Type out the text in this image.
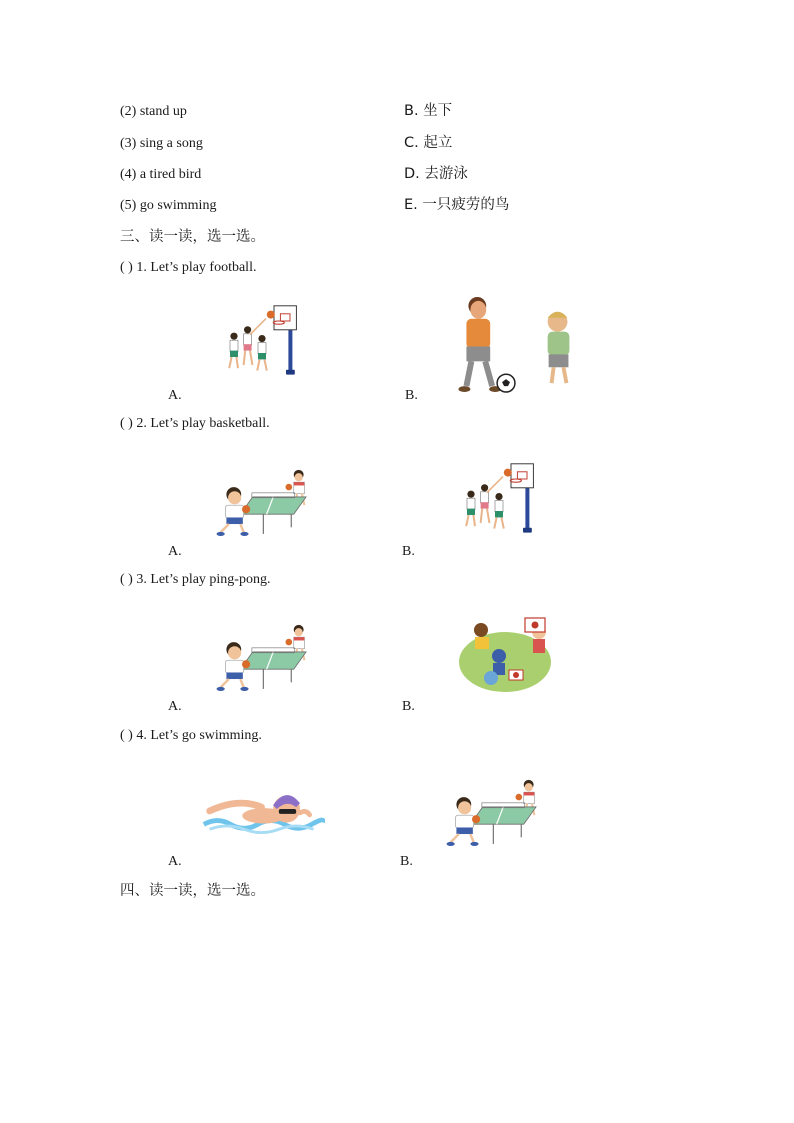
(2) stand up	B. 坐下
(3) sing a song	C. 起立
(4) a tired bird	D. 去游泳
(5) go swimming	E. 一只疲劳的鸟
三、读一读，选一选。
( ) 1. Let’s play football.
A.	B.
( ) 2. Let’s play basketball.
A.	B.
( ) 3. Let’s play ping-pong.
A.	B.
( ) 4. Let’s go swimming.
A.	B.
四、读一读，选一选。
